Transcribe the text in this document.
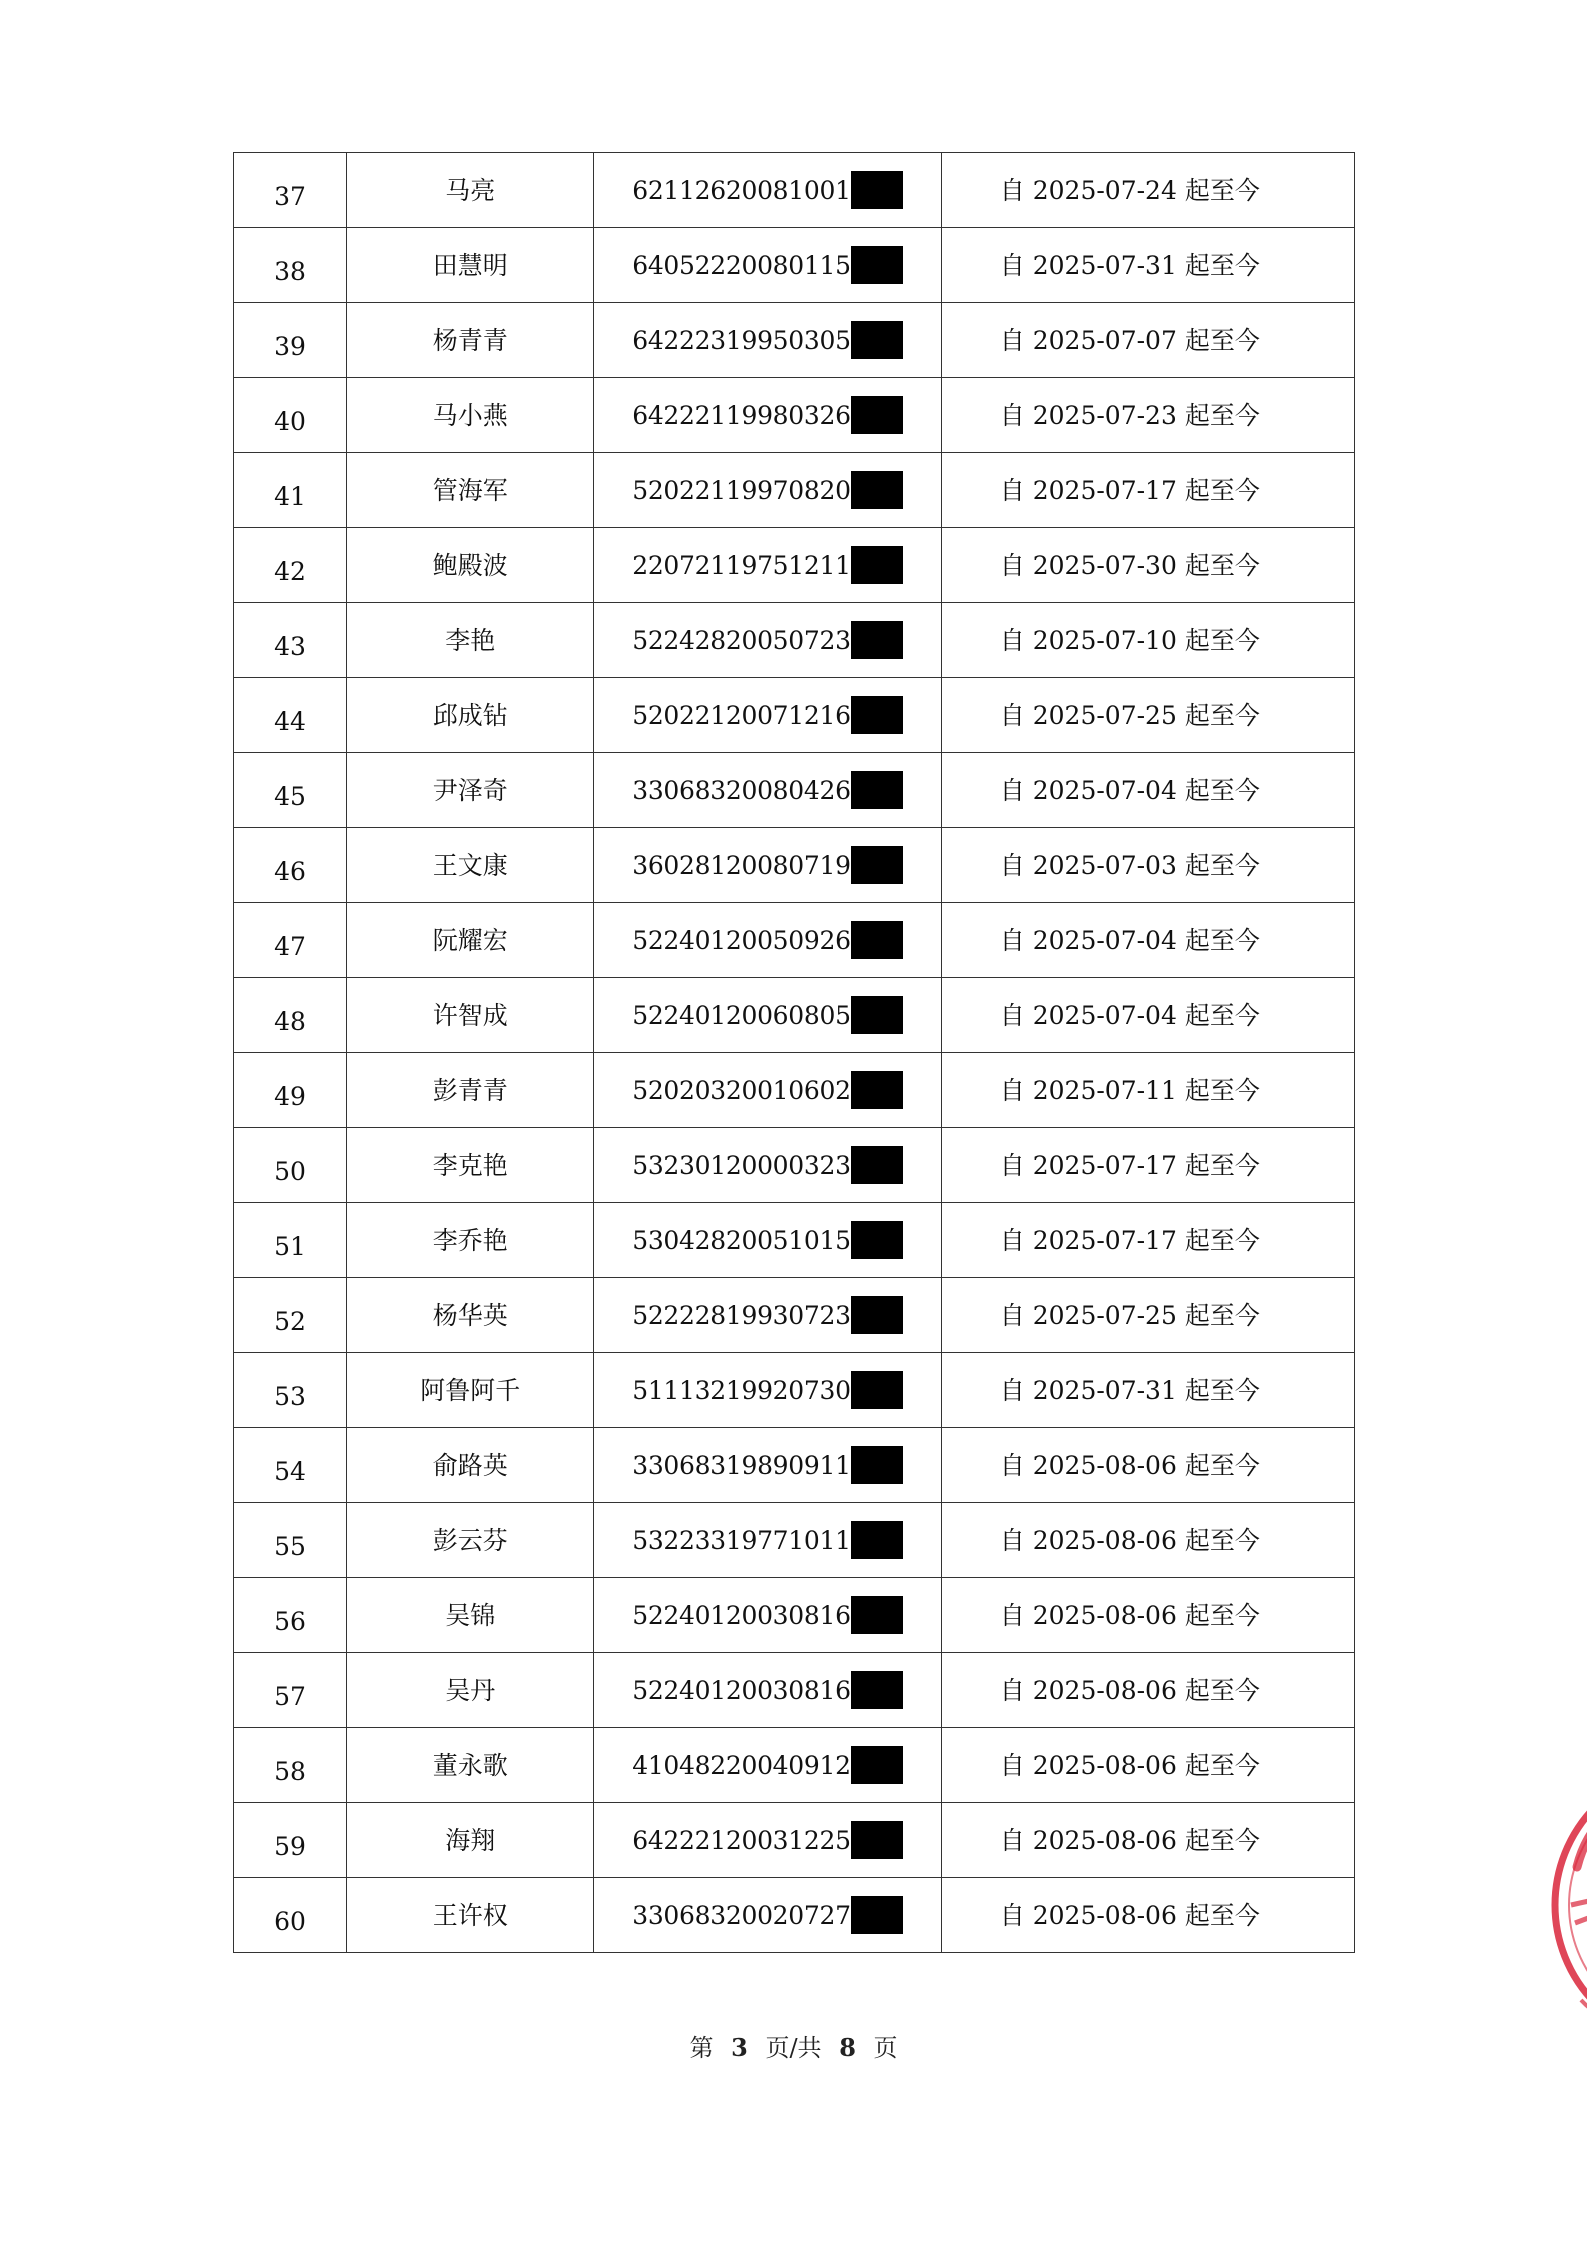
37	马亮	62112620081001	自 2025-07-24 起至今
38	田慧明	64052220080115	自 2025-07-31 起至今
39	杨青青	64222319950305	自 2025-07-07 起至今
40	马小燕	64222119980326	自 2025-07-23 起至今
41	管海军	52022119970820	自 2025-07-17 起至今
42	鲍殿波	22072119751211	自 2025-07-30 起至今
43	李艳	52242820050723	自 2025-07-10 起至今
44	邱成钻	52022120071216	自 2025-07-25 起至今
45	尹泽奇	33068320080426	自 2025-07-04 起至今
46	王文康	36028120080719	自 2025-07-03 起至今
47	阮耀宏	52240120050926	自 2025-07-04 起至今
48	许智成	52240120060805	自 2025-07-04 起至今
49	彭青青	52020320010602	自 2025-07-11 起至今
50	李克艳	53230120000323	自 2025-07-17 起至今
51	李乔艳	53042820051015	自 2025-07-17 起至今
52	杨华英	52222819930723	自 2025-07-25 起至今
53	阿鲁阿千	51113219920730	自 2025-07-31 起至今
54	俞路英	33068319890911	自 2025-08-06 起至今
55	彭云芬	53223319771011	自 2025-08-06 起至今
56	吴锦	52240120030816	自 2025-08-06 起至今
57	吴丹	52240120030816	自 2025-08-06 起至今
58	董永歌	41048220040912	自 2025-08-06 起至今
59	海翔	64222120031225	自 2025-08-06 起至今
60	王许权	33068320020727	自 2025-08-06 起至今
第 3 页/共 8 页
